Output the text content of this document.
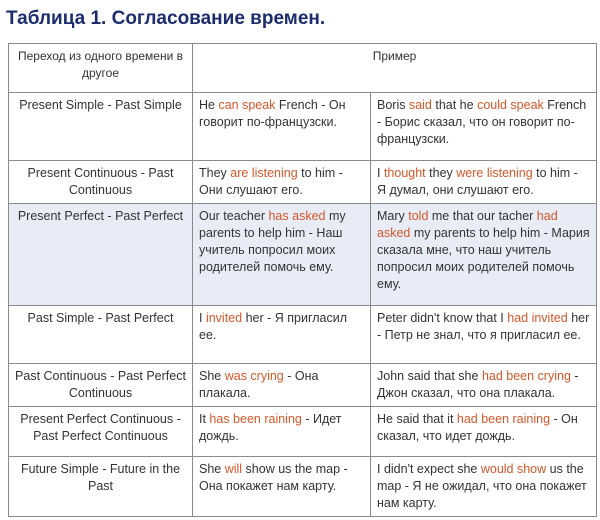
Таблица 1. Согласование времен.
Переход из одного времени в другое	Пример	
Present Simple - Past Simple	He can speak French - Он говорит по-французски.	Boris said that he could speak French - Борис сказал, что он говорит по-французски.
Present Continuous - Past Continuous	They are listening to him - Они слушают его.	I thought they were listening to him - Я думал, они слушают его.
Present Perfect - Past Perfect	Our teacher has asked my parents to help him - Наш учитель попросил моих родителей помочь ему.	Mary told me that our tacher had asked my parents to help him - Мария сказала мне, что наш учитель попросил моих родителей помочь ему.
Past Simple - Past Perfect	I invited her - Я пригласил ее.	Peter didn't know that I had invited her - Петр не знал, что я пригласил ее.
Past Continuous - Past Perfect Continuous	She was crying - Она плакала.	John said that she had been crying - Джон сказал, что она плакала.
Present Perfect Continuous - Past Perfect Continuous	It has been raining - Идет дождь.	He said that it had been raining - Он сказал, что идет дождь.
Future Simple - Future in the Past	She will show us the map - Она покажет нам карту.	I didn't expect she would show us the map - Я не ожидал, что она покажет нам карту.
